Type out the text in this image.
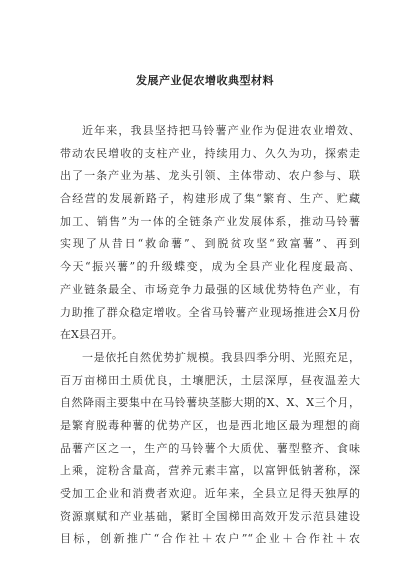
发展产业促农增收典型材料
近年来，我县坚持把马铃薯产业作为促进农业增效、
带动农民增收的支柱产业，持续用力、久久为功，探索走
出了一条产业为基、龙头引领、主体带动、农户参与、联
合经营的发展新路子，构建形成了集“繁育、生产、贮藏
加工、销售”为一体的全链条产业发展体系，推动马铃薯
实现了从昔日“救命薯”、到脱贫攻坚“致富薯”、再到
今天“振兴薯”的升级蝶变，成为全县产业化程度最高、
产业链条最全、市场竞争力最强的区域优势特色产业，有
力助推了群众稳定增收。全省马铃薯产业现场推进会X月份
在X县召开。
一是依托自然优势扩规模。我县四季分明、光照充足，
百万亩梯田土质优良，土壤肥沃，土层深厚，昼夜温差大
自然降雨主要集中在马铃薯块茎膨大期的X、X、X三个月，
是繁育脱毒种薯的优势产区，也是西北地区最为理想的商
品薯产区之一，生产的马铃薯个大质优、薯型整齐、食味
上乘，淀粉含量高，营养元素丰富，以富钾低钠著称，深
受加工企业和消费者欢迎。近年来，全县立足得天独厚的
资源禀赋和产业基础，紧盯全国梯田高效开发示范县建设
目标，创新推广“合作社＋农户”“企业＋合作社＋农
